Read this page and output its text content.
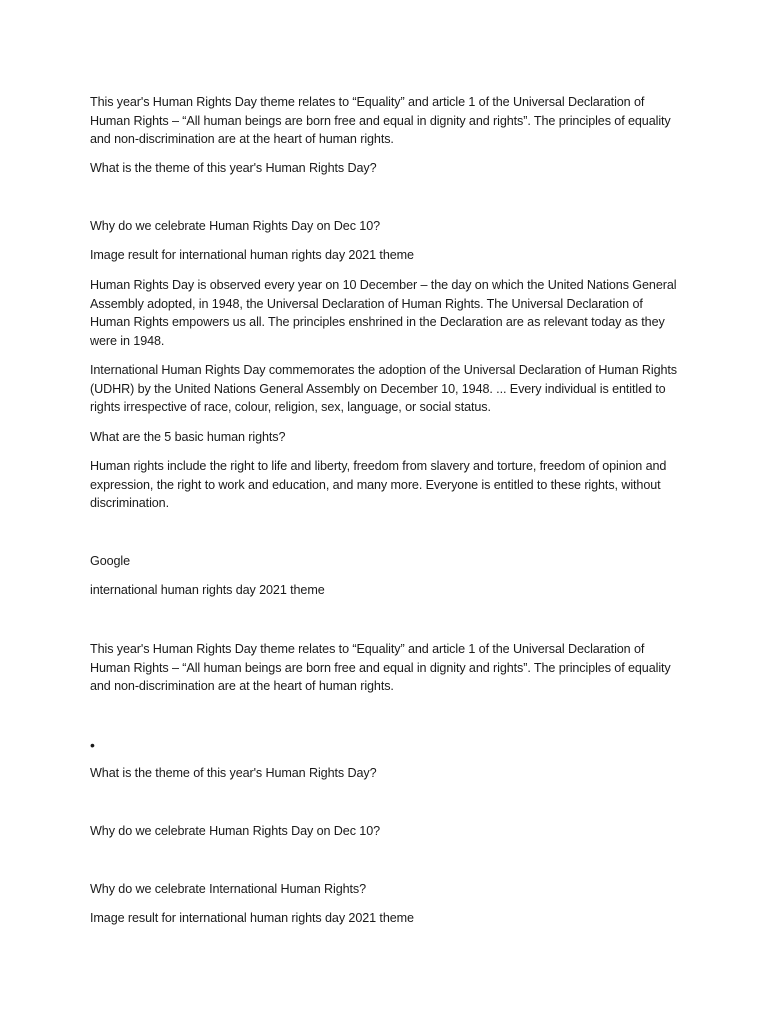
This year's Human Rights Day theme relates to “Equality” and article 1 of the Universal Declaration of Human Rights – “All human beings are born free and equal in dignity and rights”. The principles of equality and non-discrimination are at the heart of human rights.

What is the theme of this year's Human Rights Day?

Why do we celebrate Human Rights Day on Dec 10?

Image result for international human rights day 2021 theme

Human Rights Day is observed every year on 10 December – the day on which the United Nations General Assembly adopted, in 1948, the Universal Declaration of Human Rights. The Universal Declaration of Human Rights empowers us all. The principles enshrined in the Declaration are as relevant today as they were in 1948.

International Human Rights Day commemorates the adoption of the Universal Declaration of Human Rights (UDHR) by the United Nations General Assembly on December 10, 1948. ... Every individual is entitled to rights irrespective of race, colour, religion, sex, language, or social status.

What are the 5 basic human rights?

Human rights include the right to life and liberty, freedom from slavery and torture, freedom of opinion and expression, the right to work and education, and many more. Everyone is entitled to these rights, without discrimination.

Google

international human rights day 2021 theme

This year's Human Rights Day theme relates to “Equality” and article 1 of the Universal Declaration of Human Rights – “All human beings are born free and equal in dignity and rights”. The principles of equality and non-discrimination are at the heart of human rights.

•

What is the theme of this year's Human Rights Day?

Why do we celebrate Human Rights Day on Dec 10?

Why do we celebrate International Human Rights?

Image result for international human rights day 2021 theme
